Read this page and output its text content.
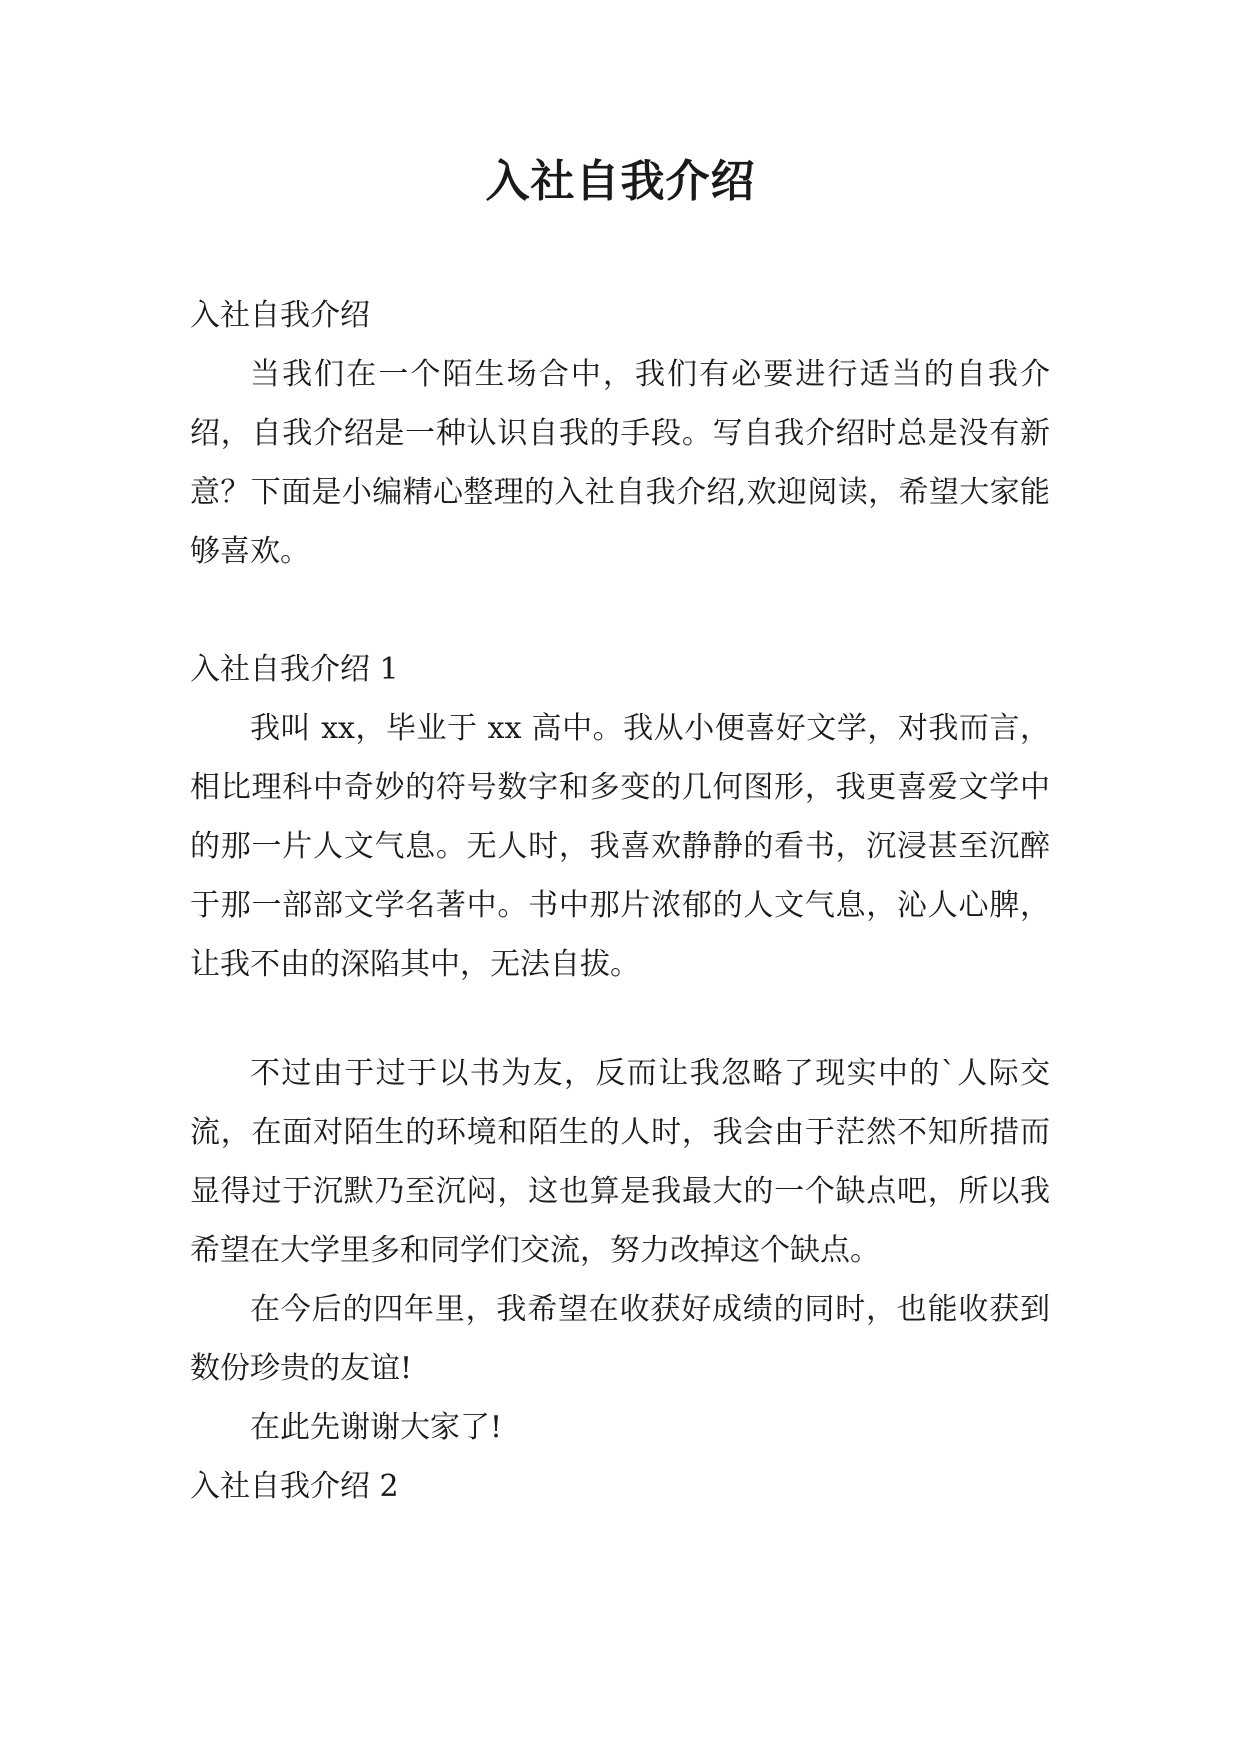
入社自我介绍

入社自我介绍

当我们在一个陌生场合中，我们有必要进行适当的自我介绍，自我介绍是一种认识自我的手段。写自我介绍时总是没有新意？下面是小编精心整理的入社自我介绍,欢迎阅读，希望大家能够喜欢。

入社自我介绍 1

我叫 xx，毕业于 xx 高中。我从小便喜好文学，对我而言，相比理科中奇妙的符号数字和多变的几何图形，我更喜爱文学中的那一片人文气息。无人时，我喜欢静静的看书，沉浸甚至沉醉于那一部部文学名著中。书中那片浓郁的人文气息，沁人心脾，让我不由的深陷其中，无法自拔。

不过由于过于以书为友，反而让我忽略了现实中的`人际交流，在面对陌生的环境和陌生的人时，我会由于茫然不知所措而显得过于沉默乃至沉闷，这也算是我最大的一个缺点吧，所以我希望在大学里多和同学们交流，努力改掉这个缺点。

在今后的四年里，我希望在收获好成绩的同时，也能收获到数份珍贵的友谊!

在此先谢谢大家了!

入社自我介绍 2
